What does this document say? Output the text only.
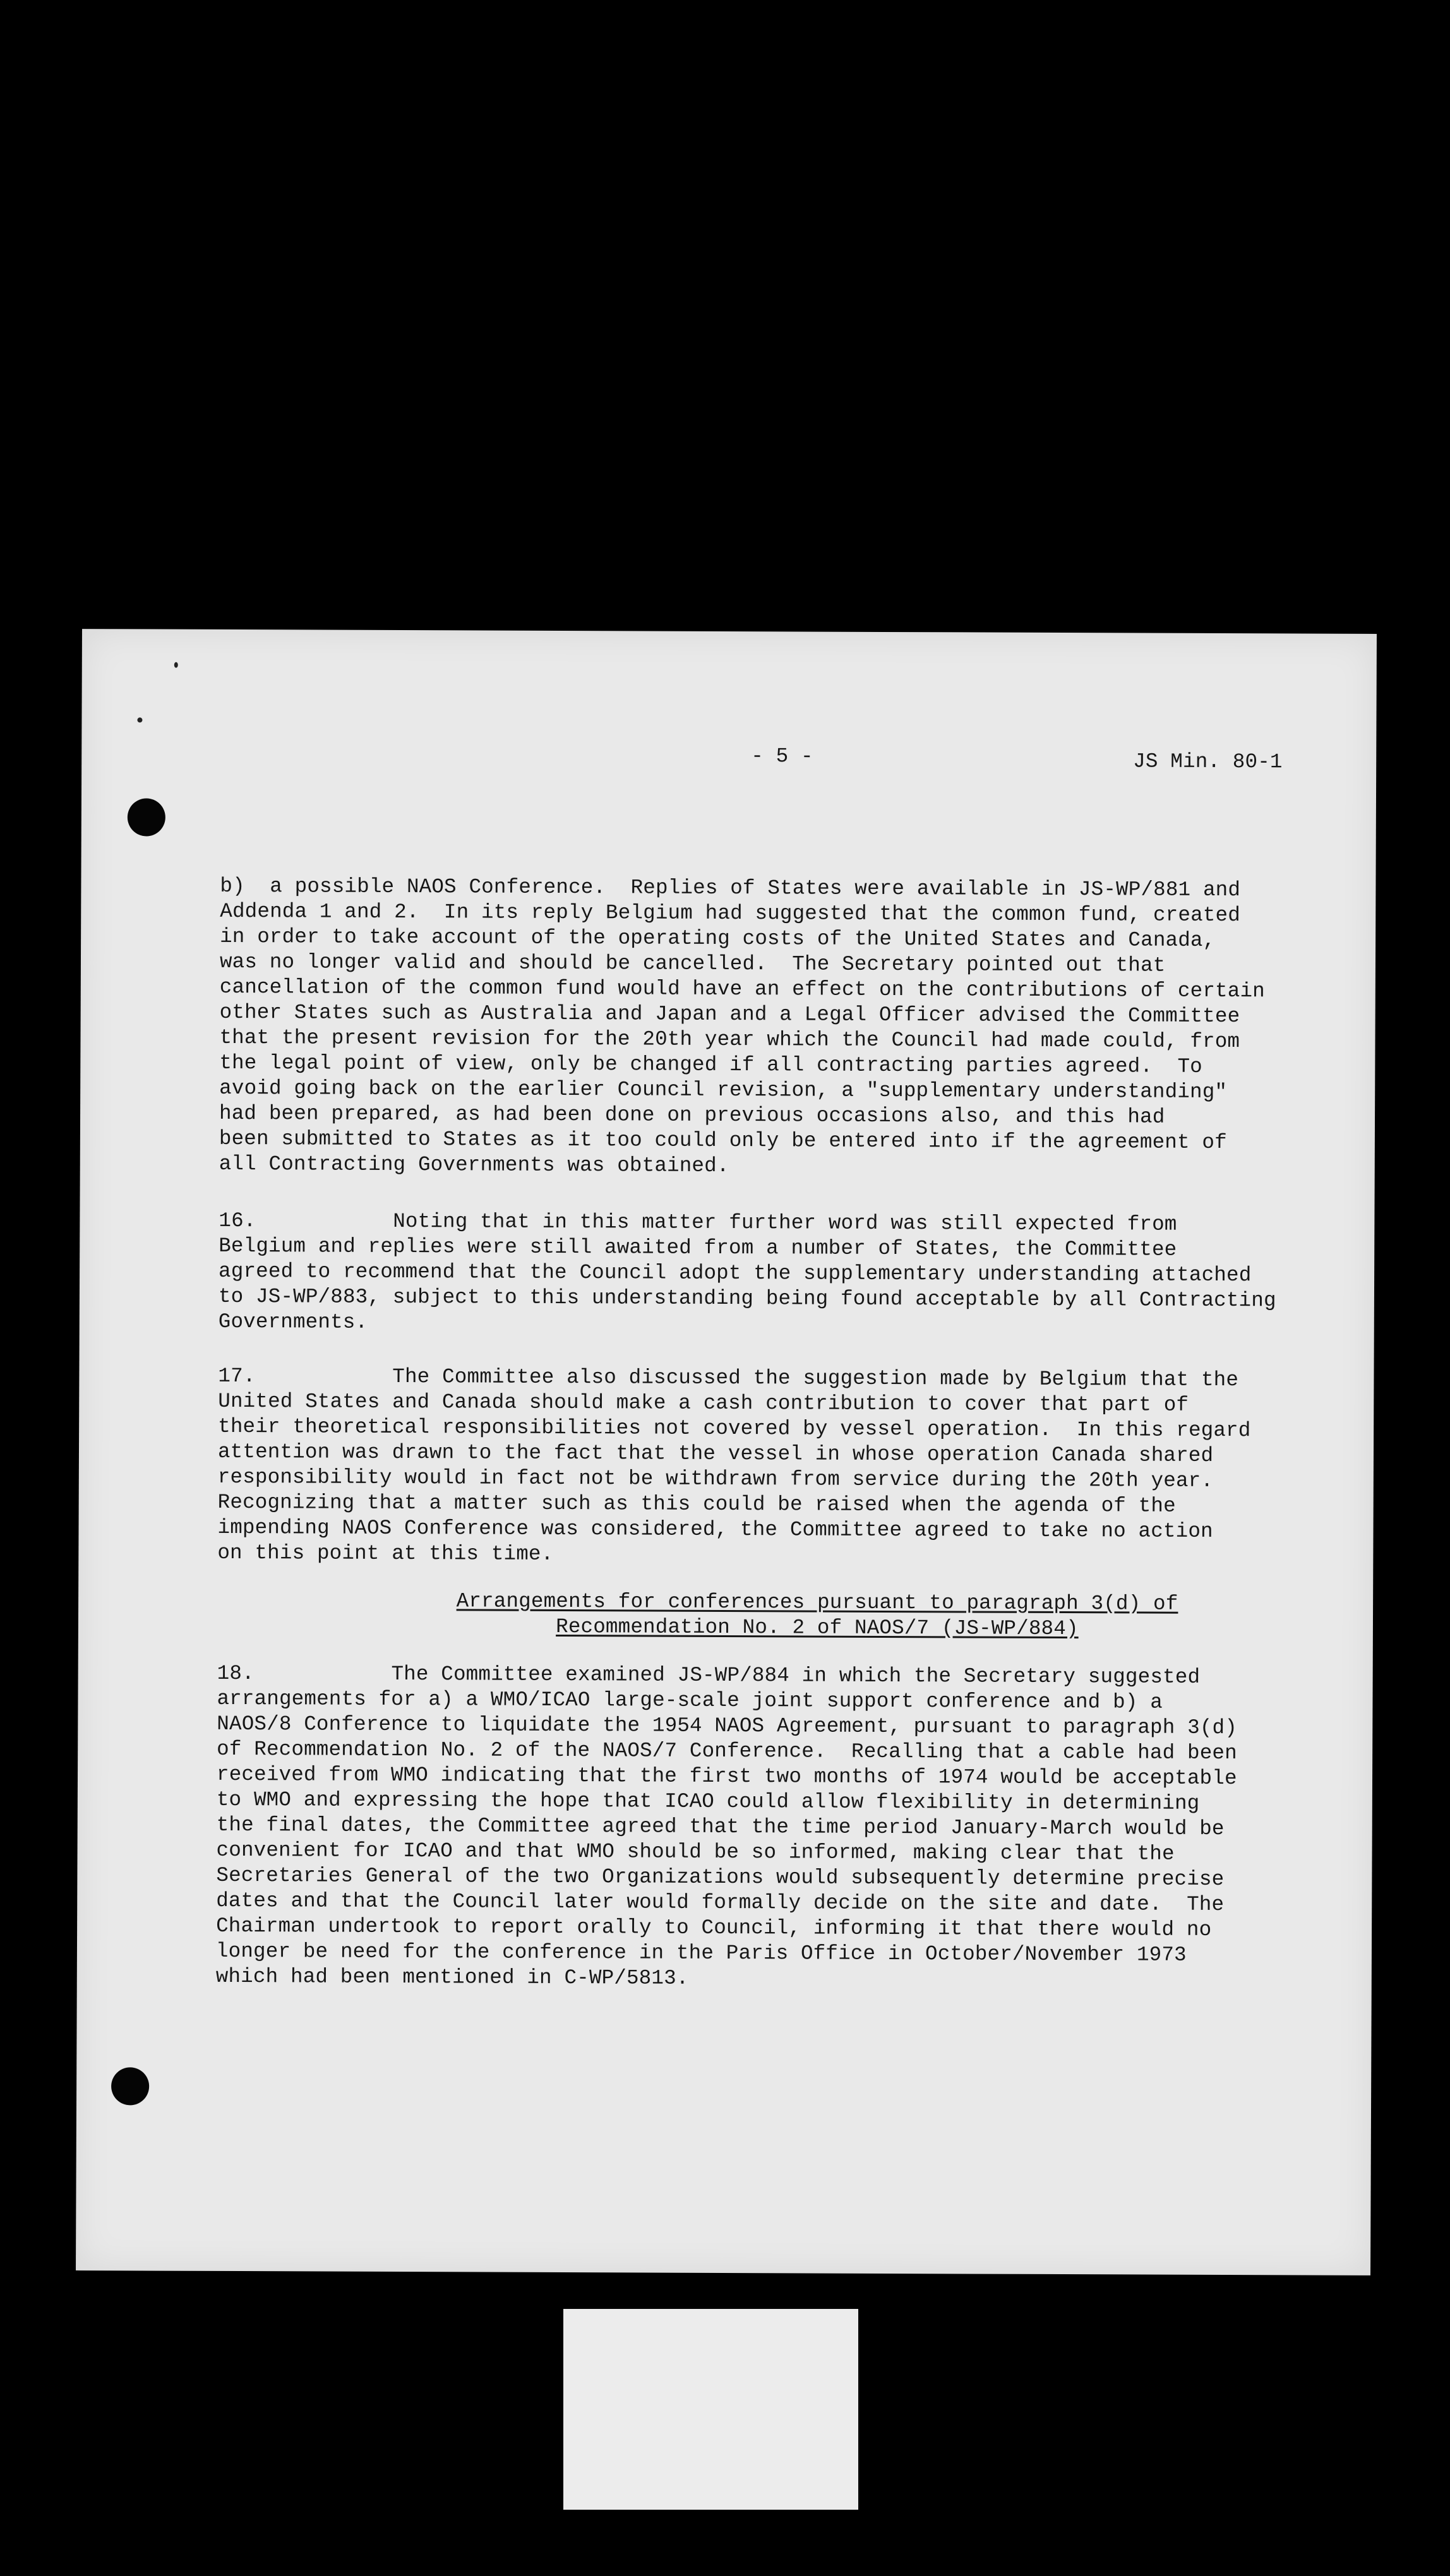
- 5 -	JS Min. 80-1

b)  a possible NAOS Conference.  Replies of States were available in JS-WP/881 and
Addenda 1 and 2.  In its reply Belgium had suggested that the common fund, created
in order to take account of the operating costs of the United States and Canada,
was no longer valid and should be cancelled.  The Secretary pointed out that
cancellation of the common fund would have an effect on the contributions of certain
other States such as Australia and Japan and a Legal Officer advised the Committee
that the present revision for the 20th year which the Council had made could, from
the legal point of view, only be changed if all contracting parties agreed.  To
avoid going back on the earlier Council revision, a "supplementary understanding"
had been prepared, as had been done on previous occasions also, and this had
been submitted to States as it too could only be entered into if the agreement of
all Contracting Governments was obtained.

16.           Noting that in this matter further word was still expected from
Belgium and replies were still awaited from a number of States, the Committee
agreed to recommend that the Council adopt the supplementary understanding attached
to JS-WP/883, subject to this understanding being found acceptable by all Contracting
Governments.

17.           The Committee also discussed the suggestion made by Belgium that the
United States and Canada should make a cash contribution to cover that part of
their theoretical responsibilities not covered by vessel operation.  In this regard
attention was drawn to the fact that the vessel in whose operation Canada shared
responsibility would in fact not be withdrawn from service during the 20th year.
Recognizing that a matter such as this could be raised when the agenda of the
impending NAOS Conference was considered, the Committee agreed to take no action
on this point at this time.

Arrangements for conferences pursuant to paragraph 3(d) of
Recommendation No. 2 of NAOS/7 (JS-WP/884)

18.           The Committee examined JS-WP/884 in which the Secretary suggested
arrangements for a) a WMO/ICAO large-scale joint support conference and b) a
NAOS/8 Conference to liquidate the 1954 NAOS Agreement, pursuant to paragraph 3(d)
of Recommendation No. 2 of the NAOS/7 Conference.  Recalling that a cable had been
received from WMO indicating that the first two months of 1974 would be acceptable
to WMO and expressing the hope that ICAO could allow flexibility in determining
the final dates, the Committee agreed that the time period January-March would be
convenient for ICAO and that WMO should be so informed, making clear that the
Secretaries General of the two Organizations would subsequently determine precise
dates and that the Council later would formally decide on the site and date.  The
Chairman undertook to report orally to Council, informing it that there would no
longer be need for the conference in the Paris Office in October/November 1973
which had been mentioned in C-WP/5813.
